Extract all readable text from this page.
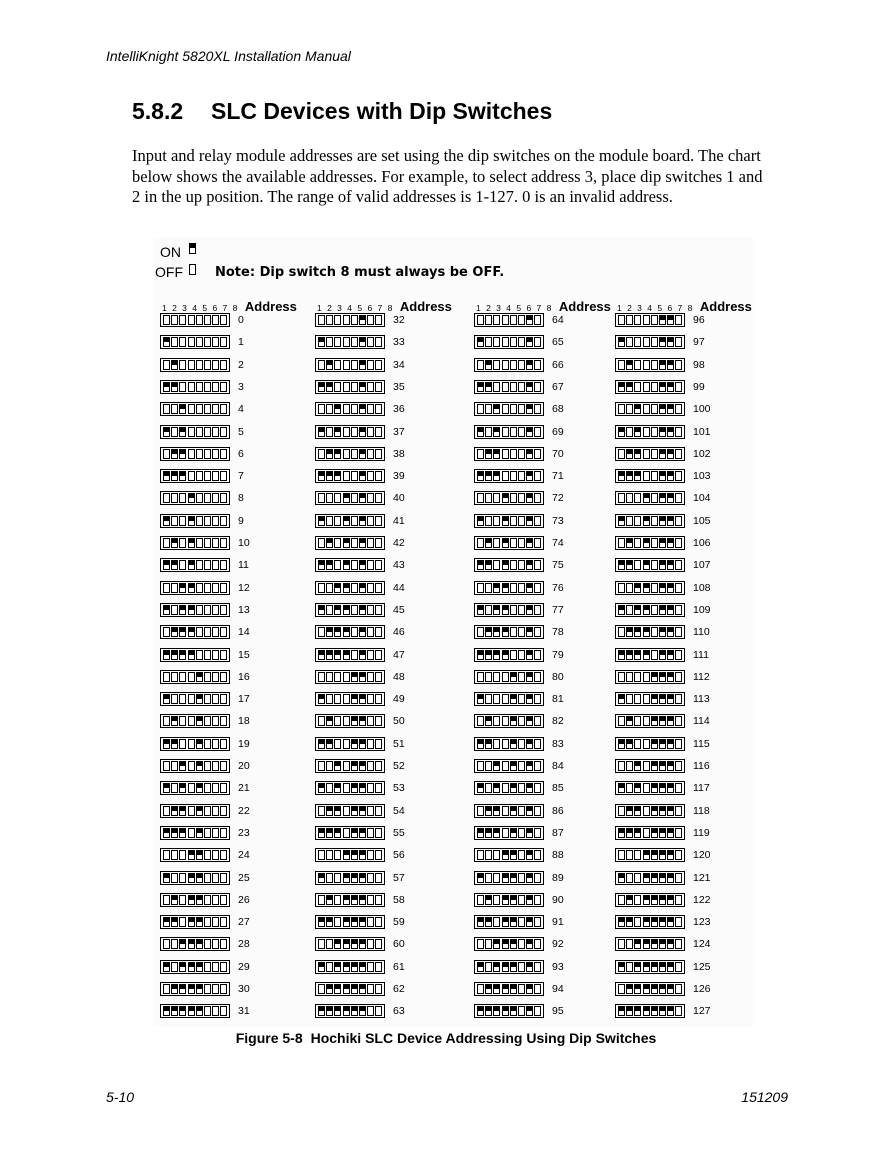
IntelliKnight 5820XL Installation Manual
5.8.2 SLC Devices with Dip Switches
Input and relay module addresses are set using the dip switches on the module board. The chart below shows the available addresses. For example, to select address 3, place dip switches 1 and 2 in the up position. The range of valid addresses is 1-127. 0 is an invalid address.
ON
OFF Note: Dip switch 8 must always be OFF.
1 2 3 4 5 6 7 8 Address
0
1
2
3
4
5
6
7
8
9
10
11
12
13
14
15
16
17
18
19
20
21
22
23
24
25
26
27
28
29
30
31
1 2 3 4 5 6 7 8 Address
32
33
34
35
36
37
38
39
40
41
42
43
44
45
46
47
48
49
50
51
52
53
54
55
56
57
58
59
60
61
62
63
1 2 3 4 5 6 7 8 Address
64
65
66
67
68
69
70
71
72
73
74
75
76
77
78
79
80
81
82
83
84
85
86
87
88
89
90
91
92
93
94
95
1 2 3 4 5 6 7 8 Address
96
97
98
99
100
101
102
103
104
105
106
107
108
109
110
111
112
113
114
115
116
117
118
119
120
121
122
123
124
125
126
127
Figure 5-8 Hochiki SLC Device Addressing Using Dip Switches
5-10	151209
